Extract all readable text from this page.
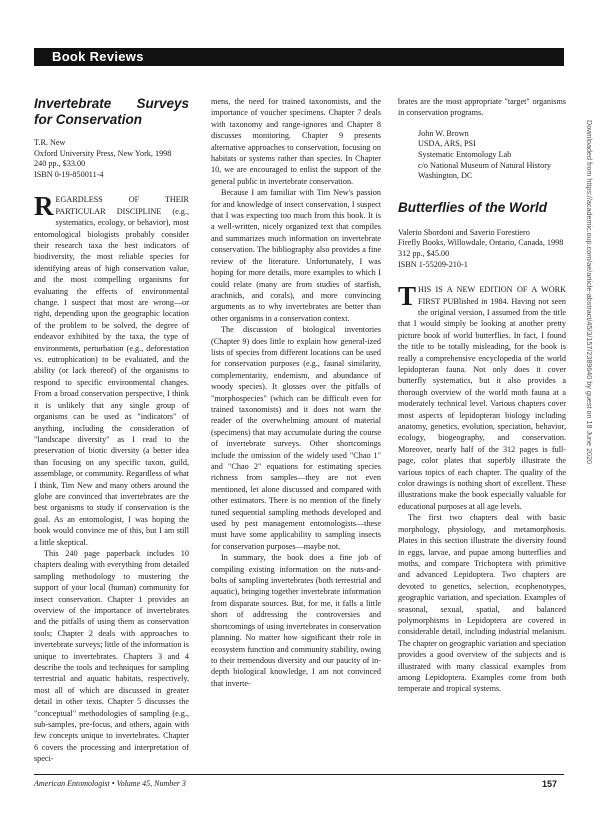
Book Reviews

Invertebrate Surveys for Conservation

T.R. New
Oxford University Press, New York, 1998
240 pp., $33.00
ISBN 0-19-850011-4

REGARDLESS OF THEIR PARTICULAR DISCIPLINE (e.g., systematics, ecology, or behavior), most entomological biologists probably consider their research taxa the best indicators of biodiversity, the most reliable species for identifying areas of high conservation value, and the most compelling organisms for evaluating the effects of environmental change. I suspect that most are wrong—or right, depending upon the geographic location of the problem to be solved, the degree of endeavor exhibited by the taxa, the type of environments, perturbation (e.g., deforestation vs. eutrophication) to be evaluated, and the ability (or lack thereof) of the organisms to respond to specific environmental changes. From a broad conservation perspective, I think it is unlikely that any single group of organisms can be used as "indicators" of anything, including the consideration of "landscape diversity" as I read to the preservation of biotic diversity (a better idea than focusing on any specific taxon, guild, assemblage, or community. Regardless of what I think, Tim New and many others around the globe are convinced that invertebrates are the best organisms to study if conservation is the goal. As an entomologist, I was hoping the book would convince me of this, but I am still a little skeptical.

This 240 page paperback includes 10 chapters dealing with everything from detailed sampling methodology to mustering the support of your local (human) community for insect conservation. Chapter 1 provides an overview of the importance of invertebrates and the pitfalls of using them as conservation tools; Chapter 2 deals with approaches to invertebrate surveys; little of the information is unique to invertebrates. Chapters 3 and 4 describe the tools and techniques for sampling terrestrial and aquatic habitats, respectively, most all of which are discussed in greater detail in other texts. Chapter 5 discusses the "conceptual" methodologies of sampling (e.g., sub-samples, pre-focus, and others, again with few concepts unique to invertebrates. Chapter 6 covers the processing and interpretation of speci-

mens, the need for trained taxonomists, and the importance of voucher specimens. Chapter 7 deals with taxonomy and range-ignores and Chapter 8 discusses monitoring. Chapter 9 presents alternative approaches to conservation, focusing on habitats or systems rather than species. In Chapter 10, we are encouraged to enlist the support of the general public in invertebrate conservation.

Because I am familiar with Tim New's passion for and knowledge of insect conservation, I suspect that I was expecting too much from this book. It is a well-written, nicely organized text that compiles and summarizes much information on invertebrate conservation. The bibliography also provides a fine review of the literature. Unfortunately, I was hoping for more details, more examples to which I could relate (many are from studies of starfish, arachnids, and corals), and more convincing arguments as to why invertebrates are better than other organisms in a conservation context.

The discussion of biological inventories (Chapter 9) does little to explain how general-ized lists of species from different locations can be used for conservation purposes (e.g., faunal similarity, complementarity, endemism, and abundance of woody species). It glosses over the pitfalls of "morphospecies" (which can be difficult even for trained taxonomists) and it does not warn the reader of the overwhelming amount of material (specimens) that may accumulate during the course of invertebrate surveys. Other shortcomings include the omission of the widely used "Chao 1" and "Chao 2" equations for estimating species richness from samples—they are not even mentioned, let alone discussed and compared with other estimators. There is no mention of the finely tuned sequential sampling methods developed and used by pest management entomologists—these must have some applicability to sampling insects for conservation purposes—maybe not.

In summary, the book does a fine job of compiling existing information on the nuts-and-bolts of sampling invertebrates (both terrestrial and aquatic), bringing together invertebrate information from disparate sources. But, for me, it falls a little short of addressing the controversies and shortcomings of using invertebrates in conservation planning. No matter how significant their role in ecosystem function and community stability, owing to their tremendous diversity and our paucity of in-depth biological knowledge, I am not convinced that inverte-

brates are the most appropriate "target" organisms in conservation programs.

John W. Brown
USDA, ARS, PSI
Systematic Entomology Lab
c/o National Museum of Natural History
Washington, DC

Butterflies of the World

Valerio Sbordoni and Saverio Forestiero
Firefly Books, Willowdale, Ontario, Canada, 1998
312 pp., $45.00
ISBN 1-55209-210-1

THIS IS A NEW EDITION OF A WORK FIRST PUBlished in 1984. Having not seen the original version, I assumed from the title that I would simply be looking at another pretty picture book of world butterflies. In fact, I found the title to be totally misleading, for the book is really a comprehensive encyclopedia of the world lepidopteran fauna. Not only does it cover butterfly systematics, but it also provides a thorough overview of the world moth fauna at a moderately technical level. Various chapters cover most aspects of lepidopteran biology including anatomy, genetics, evolution, speciation, behavior, ecology, biogeography, and conservation. Moreover, nearly half of the 312 pages is full-page, color plates that superbly illustrate the various topics of each chapter. The quality of the color drawings is nothing short of excellent. These illustrations make the book especially valuable for educational purposes at all age levels.

The first two chapters deal with basic morphology, physiology, and metamorphosis. Plates in this section illustrate the diversity found in eggs, larvae, and pupae among butterflies and moths, and compare Trichoptera with primitive and advanced Lepidoptera. Two chapters are devoted to genetics, selection, ecophenotypes, geographic variation, and speciation. Examples of seasonal, sexual, spatial, and balanced polymorphisms in Lepidoptera are covered in considerable detail, including industrial melanism. The chapter on geographic variation and speciation provides a good overview of the subjects and is illustrated with many classical examples from among Lepidoptera. Examples come from both temperate and tropical systems.

American Entomologist • Volume 45, Number 3	157
Downloaded from https://academic.oup.com/ae/article-abstract/45/3/157/2389640 by guest on 18 June 2020
